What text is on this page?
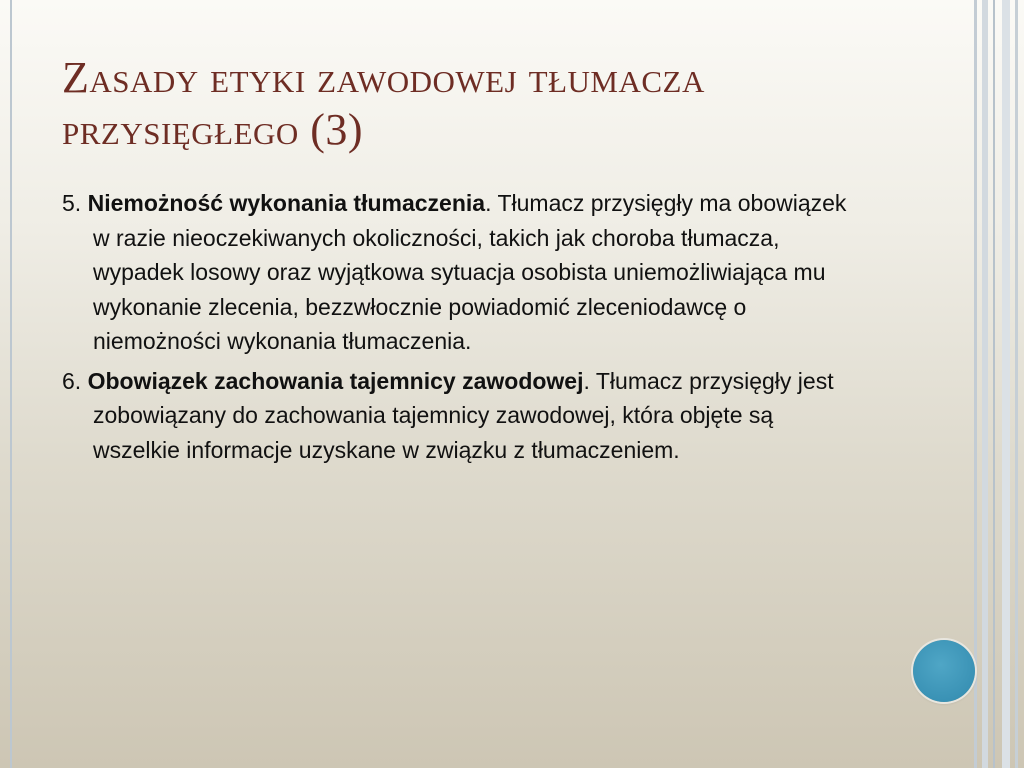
Zasady etyki zawodowej tłumacza przysięgłego (3)

5. Niemożność wykonania tłumaczenia. Tłumacz przysięgły ma obowiązek w razie nieoczekiwanych okoliczności, takich jak choroba tłumacza, wypadek losowy oraz wyjątkowa sytuacja osobista uniemożliwiająca mu wykonanie zlecenia, bezzwłocznie powiadomić zleceniodawcę o niemożności wykonania tłumaczenia.

6. Obowiązek zachowania tajemnicy zawodowej. Tłumacz przysięgły jest zobowiązany do zachowania tajemnicy zawodowej, która objęte są wszelkie informacje uzyskane w związku z tłumaczeniem.
